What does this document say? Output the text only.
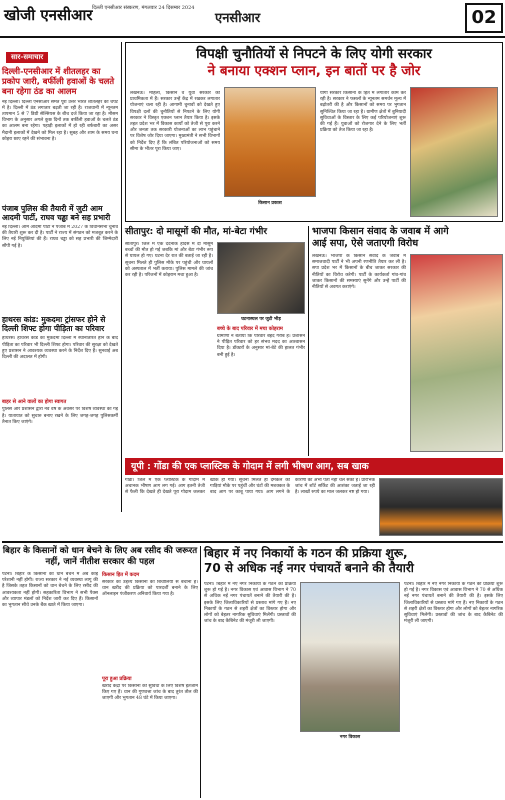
खोजी एनसीआर दिल्ली एनसीआर संस्करण, मंगलवार 24 दिसम्बर 2024
एनसीआर	02
सार-समाचार
दिल्ली-एनसीआर में शीतलहर का प्रकोप जारी, बर्फीली हवाओं के चलते बना रहेगा ठंड का आलम
नई दिल्ली। दिल्ली एनसीआर समेत पूरा उत्तर भारत शीतलहर की चपेट में है। दिल्ली में ठंड लगातार बढ़ती जा रही है। राजधानी में न्यूनतम तापमान 5 से 7 डिग्री सेल्सियस के बीच दर्ज किया जा रहा है। मौसम विभाग के अनुसार अगले कुछ दिनों तक बर्फीली हवाओं के चलते ठंड का आलम बना रहेगा। पहाड़ी इलाकों में हो रही बर्फबारी का असर मैदानी इलाकों में देखने को मिल रहा है। सुबह और शाम के समय घना कोहरा छाए रहने की संभावना है।
पंजाब पुलिस की तैयारी में जुटी आम आदमी पार्टी, राघव चड्ढा बने सह प्रभारी
नई दिल्ली। आम आदमी पार्टी ने पंजाब में 2027 के विधानसभा चुनाव की तैयारी शुरू कर दी है। पार्टी ने राज्य में संगठन को मजबूत करने के लिए नई नियुक्तियां की हैं। राघव चड्ढा को सह प्रभारी की जिम्मेदारी सौंपी गई है।
हाथरस कांड: मुकदमा ट्रांसफर होने से दिल्ली शिफ्ट होगा पीड़िता का परिवार
हाथरस। हाथरस कांड का मुकदमा दिल्ली में स्थानांतरित होने के बाद पीड़िता का परिवार भी दिल्ली शिफ्ट होगा। परिवार की सुरक्षा को देखते हुए प्रशासन ने आवश्यक व्यवस्था करने के निर्देश दिए हैं। सुनवाई अब दिल्ली की अदालत में होगी।
बाहर से आने वालों का होगा स्वागत
पुलिस और प्रशासन द्वारा नव वर्ष के अवसर पर विशेष व्यवस्था की गई है। यातायात को सुचारु बनाए रखने के लिए जगह-जगह पुलिसकर्मी तैनात किए जाएंगे।
विपक्षी चुनौतियों से निपटने के लिए योगी सरकार
ने बनाया एक्शन प्लान, इन बातों पर है जोर
लखनऊ। महिला, किसान व युवा सरकार की प्राथमिकता में हैं। सरकार उन्हें केंद्र में रखकर लगातार योजनाएं चला रही है। आगामी चुनावों को देखते हुए विपक्षी दलों की चुनौतियों से निपटने के लिए योगी सरकार ने विस्तृत एक्शन प्लान तैयार किया है। इसके तहत प्रदेश भर में विकास कार्यों को तेजी से पूरा करने और जनता तक सरकारी योजनाओं का लाभ पहुंचाने पर विशेष जोर दिया जाएगा। मुख्यमंत्री ने सभी विभागों को निर्देश दिए हैं कि लंबित परियोजनाओं को समय सीमा के भीतर पूरा किया जाए।
किसान प्रकाश
योगी सरकार किसानों के हित में लगातार काम कर रही है। सरकार ने फसलों के न्यूनतम समर्थन मूल्य में बढ़ोतरी की है और किसानों को समय पर भुगतान सुनिश्चित किया जा रहा है। ग्रामीण क्षेत्रों में बुनियादी सुविधाओं के विस्तार के लिए कई परियोजनाएं शुरू की गई हैं। युवाओं को रोजगार देने के लिए भर्ती प्रक्रिया को तेज किया जा रहा है।
सीतापुर: दो मासूमों की मौत, मां-बेटा गंभीर
सीतापुर। जिले में एक दर्दनाक हादसे में दो मासूम बच्चों की मौत हो गई जबकि मां और बेटा गंभीर रूप से घायल हो गए। घटना देर रात की बताई जा रही है। सूचना मिलते ही पुलिस मौके पर पहुंची और घायलों को अस्पताल में भर्ती कराया। पुलिस मामले की जांच कर रही है। परिजनों में कोहराम मचा हुआ है।
घटनास्थल पर जुटी भीड़
बच्चे के बाद परिवार में मचा कोहराम
ग्रामीणों ने बताया कि परिवार बेहद गरीब है। प्रशासन ने पीड़ित परिवार को हर संभव मदद का आश्वासन दिया है। डॉक्टरों के अनुसार मां-बेटे की हालत गंभीर बनी हुई है।
भाजपा किसान संवाद के जवाब में आगे
आई सपा, ऐसे जताएगी विरोध
लखनऊ। भाजपा के किसान संवाद के जवाब में समाजवादी पार्टी ने भी अपनी रणनीति तैयार कर ली है। सपा प्रदेश भर में किसानों के बीच जाकर सरकार की नीतियों का विरोध करेगी। पार्टी के कार्यकर्ता गांव-गांव जाकर किसानों की समस्याएं सुनेंगे और उन्हें पार्टी की नीतियों से अवगत कराएंगे।
यूपी : गोंडा की एक प्लास्टिक के गोदाम में लगी भीषण आग, सब खाक
गोंडा। जिले में एक प्लास्टिक के गोदाम में अचानक भीषण आग लग गई। आग इतनी तेजी से फैली कि देखते ही देखते पूरा गोदाम जलकर खाक हो गया। सूचना मिलते ही दमकल की गाड़ियां मौके पर पहुंचीं और घंटों की मशक्कत के बाद आग पर काबू पाया गया। आग लगने के कारणों का अभी पता नहीं चल सका है। प्रारंभिक जांच में शॉर्ट सर्किट की आशंका जताई जा रही है। लाखों रुपये का माल जलकर नष्ट हो गया।
बिहार के किसानों को धान बेचने के लिए अब रसीद की जरूरत नहीं, जानें नीतीश सरकार की पहल
पटना। बिहार के किसानों को धान बेचने में अब कोई परेशानी नहीं होगी। राज्य सरकार ने नई व्यवस्था लागू की है जिसके तहत किसानों को धान बेचने के लिए रसीद की आवश्यकता नहीं होगी। सहकारिता विभाग ने सभी पैक्स और व्यापार मंडलों को निर्देश जारी कर दिए हैं। किसानों का भुगतान सीधे उनके बैंक खाते में किया जाएगा।
किसान हित में कदम
सरकार का उद्देश्य किसानों को बिचौलियों से बचाना है। धान खरीद की प्रक्रिया को पारदर्शी बनाने के लिए ऑनलाइन पंजीकरण अनिवार्य किया गया है।
पूरा हुआ प्रक्रिया
खरीद केंद्रों पर किसानों की सुविधा के लिए विशेष इंतजाम किए गए हैं। धान की गुणवत्ता जांच के बाद तुरंत तौल की जाएगी और भुगतान 48 घंटे में किया जाएगा।
बिहार में नए निकायों के गठन की प्रक्रिया शुरू,
70 से अधिक नई नगर पंचायतें बनाने की तैयारी
पटना। बिहार में नए नगर निकायों के गठन की प्रक्रिया शुरू हो गई है। नगर विकास एवं आवास विभाग ने 70 से अधिक नई नगर पंचायतें बनाने की तैयारी की है। इसके लिए जिलाधिकारियों से प्रस्ताव मांगे गए हैं। नए निकायों के गठन से शहरी क्षेत्रों का विस्तार होगा और लोगों को बेहतर नागरिक सुविधाएं मिलेंगी। प्रस्तावों की जांच के बाद कैबिनेट की मंजूरी ली जाएगी।
नगर विकास
पटना। बिहार में नए नगर निकायों के गठन की प्रक्रिया शुरू हो गई है। नगर विकास एवं आवास विभाग ने 70 से अधिक नई नगर पंचायतें बनाने की तैयारी की है। इसके लिए जिलाधिकारियों से प्रस्ताव मांगे गए हैं। नए निकायों के गठन से शहरी क्षेत्रों का विस्तार होगा और लोगों को बेहतर नागरिक सुविधाएं मिलेंगी। प्रस्तावों की जांच के बाद कैबिनेट की मंजूरी ली जाएगी।
